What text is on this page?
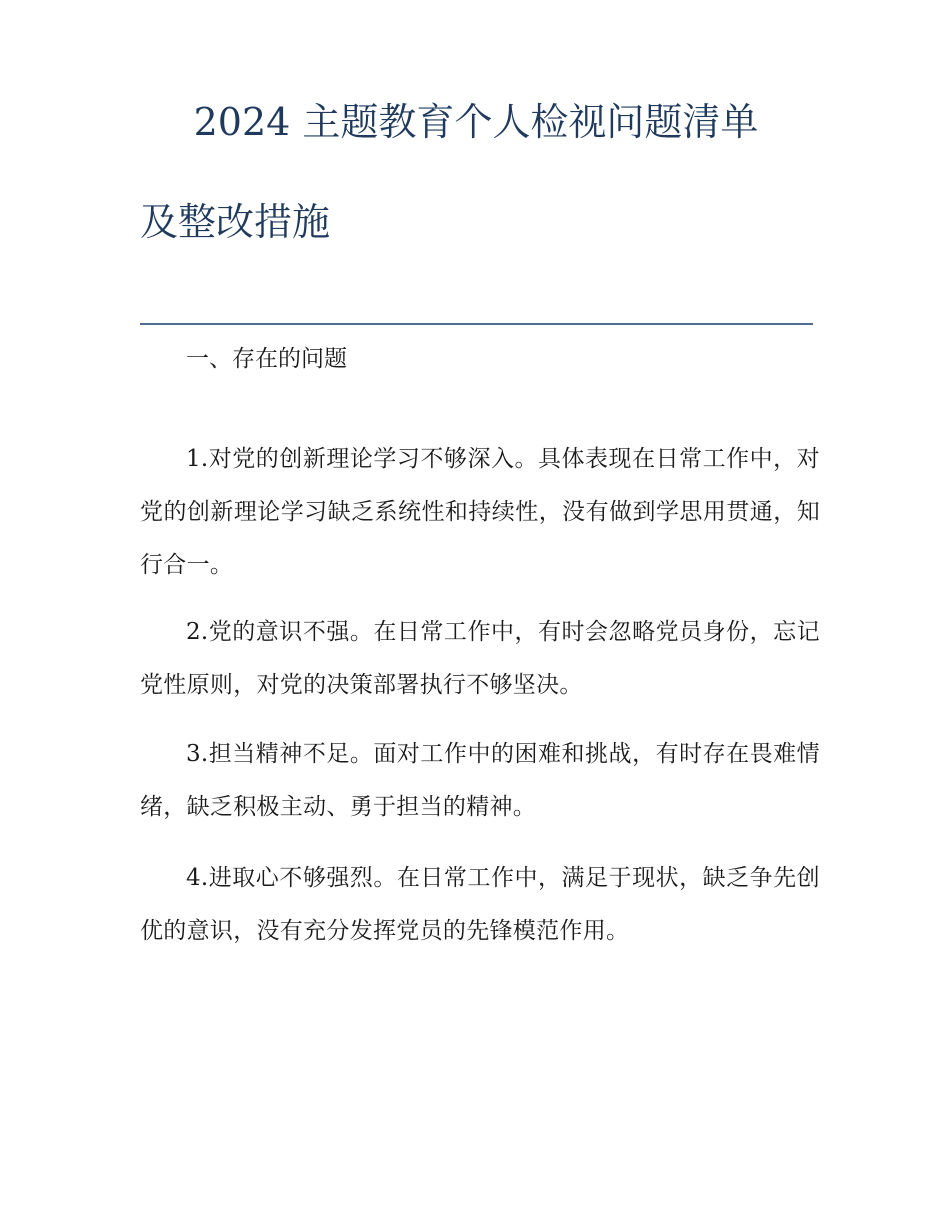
2024 主题教育个人检视问题清单
及整改措施
一、存在的问题

1.对党的创新理论学习不够深入。具体表现在日常工作中，对党的创新理论学习缺乏系统性和持续性，没有做到学思用贯通，知行合一。

2.党的意识不强。在日常工作中，有时会忽略党员身份，忘记党性原则，对党的决策部署执行不够坚决。

3.担当精神不足。面对工作中的困难和挑战，有时存在畏难情绪，缺乏积极主动、勇于担当的精神。

4.进取心不够强烈。在日常工作中，满足于现状，缺乏争先创优的意识，没有充分发挥党员的先锋模范作用。
